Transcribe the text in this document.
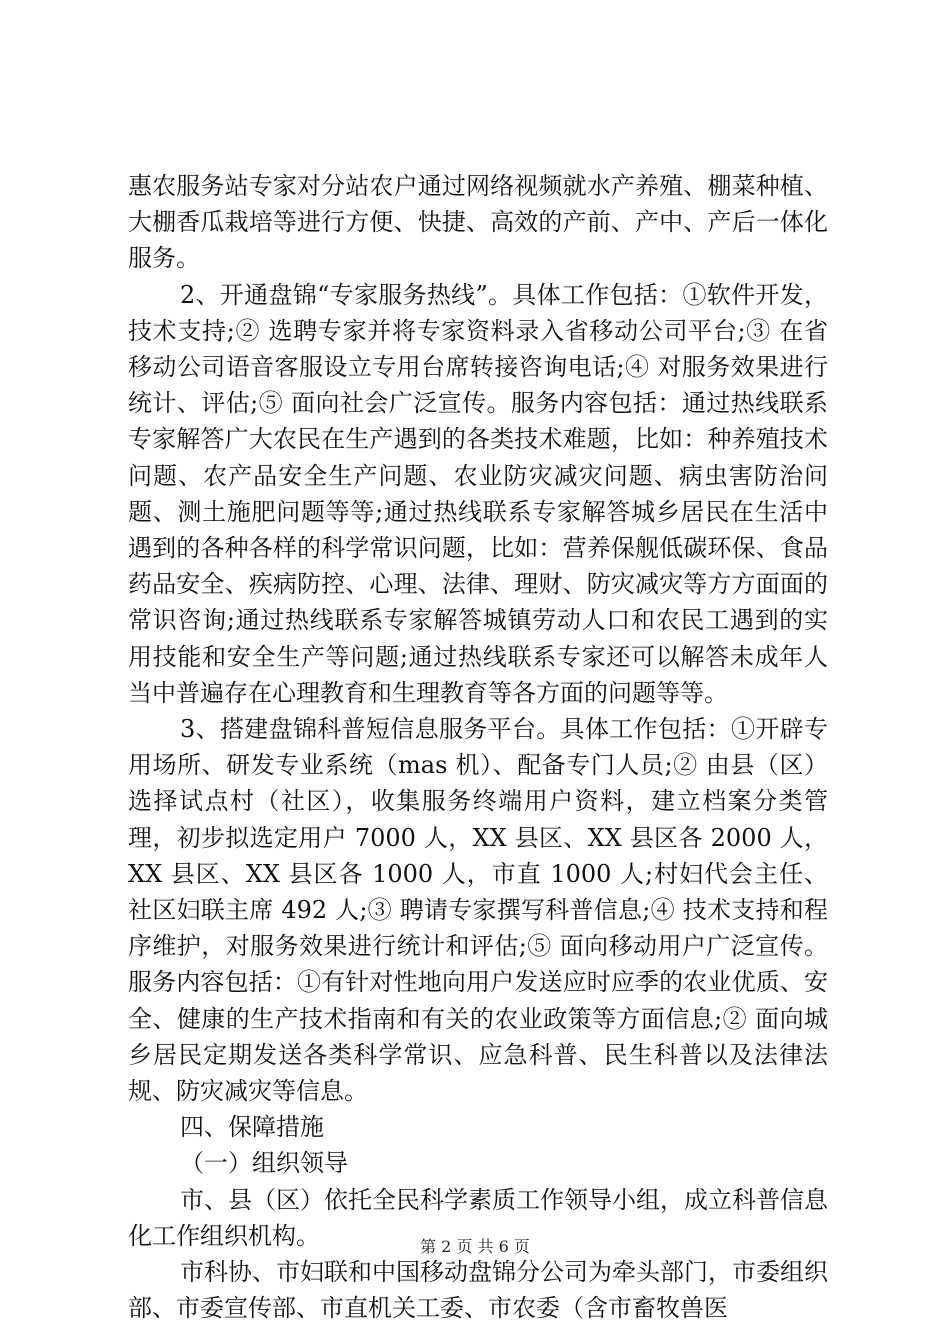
惠农服务站专家对分站农户通过网络视频就水产养殖、棚菜种植、大棚香瓜栽培等进行方便、快捷、高效的产前、产中、产后一体化服务。

2、开通盘锦“专家服务热线”。具体工作包括：①软件开发，技术支持;② 选聘专家并将专家资料录入省移动公司平台;③ 在省移动公司语音客服设立专用台席转接咨询电话;④ 对服务效果进行统计、评估;⑤ 面向社会广泛宣传。服务内容包括：通过热线联系专家解答广大农民在生产遇到的各类技术难题，比如：种养殖技术问题、农产品安全生产问题、农业防灾减灾问题、病虫害防治问题、测土施肥问题等等;通过热线联系专家解答城乡居民在生活中遇到的各种各样的科学常识问题，比如：营养保舰低碳环保、食品药品安全、疾病防控、心理、法律、理财、防灾减灾等方方面面的常识咨询;通过热线联系专家解答城镇劳动人口和农民工遇到的实用技能和安全生产等问题;通过热线联系专家还可以解答未成年人当中普遍存在心理教育和生理教育等各方面的问题等等。

3、搭建盘锦科普短信息服务平台。具体工作包括：①开辟专用场所、研发专业系统（mas 机）、配备专门人员;② 由县（区）选择试点村（社区），收集服务终端用户资料，建立档案分类管理，初步拟选定用户 7000 人，XX 县区、XX 县区各 2000 人，XX 县区、XX 县区各 1000 人，市直 1000 人;村妇代会主任、社区妇联主席 492 人;③ 聘请专家撰写科普信息;④ 技术支持和程序维护，对服务效果进行统计和评估;⑤ 面向移动用户广泛宣传。服务内容包括：①有针对性地向用户发送应时应季的农业优质、安全、健康的生产技术指南和有关的农业政策等方面信息;② 面向城乡居民定期发送各类科学常识、应急科普、民生科普以及法律法规、防灾减灾等信息。

四、保障措施

（一）组织领导

市、县（区）依托全民科学素质工作领导小组，成立科普信息化工作组织机构。

市科协、市妇联和中国移动盘锦分公司为牵头部门，市委组织部、市委宣传部、市直机关工委、市农委（含市畜牧兽医

第 2 页 共 6 页
